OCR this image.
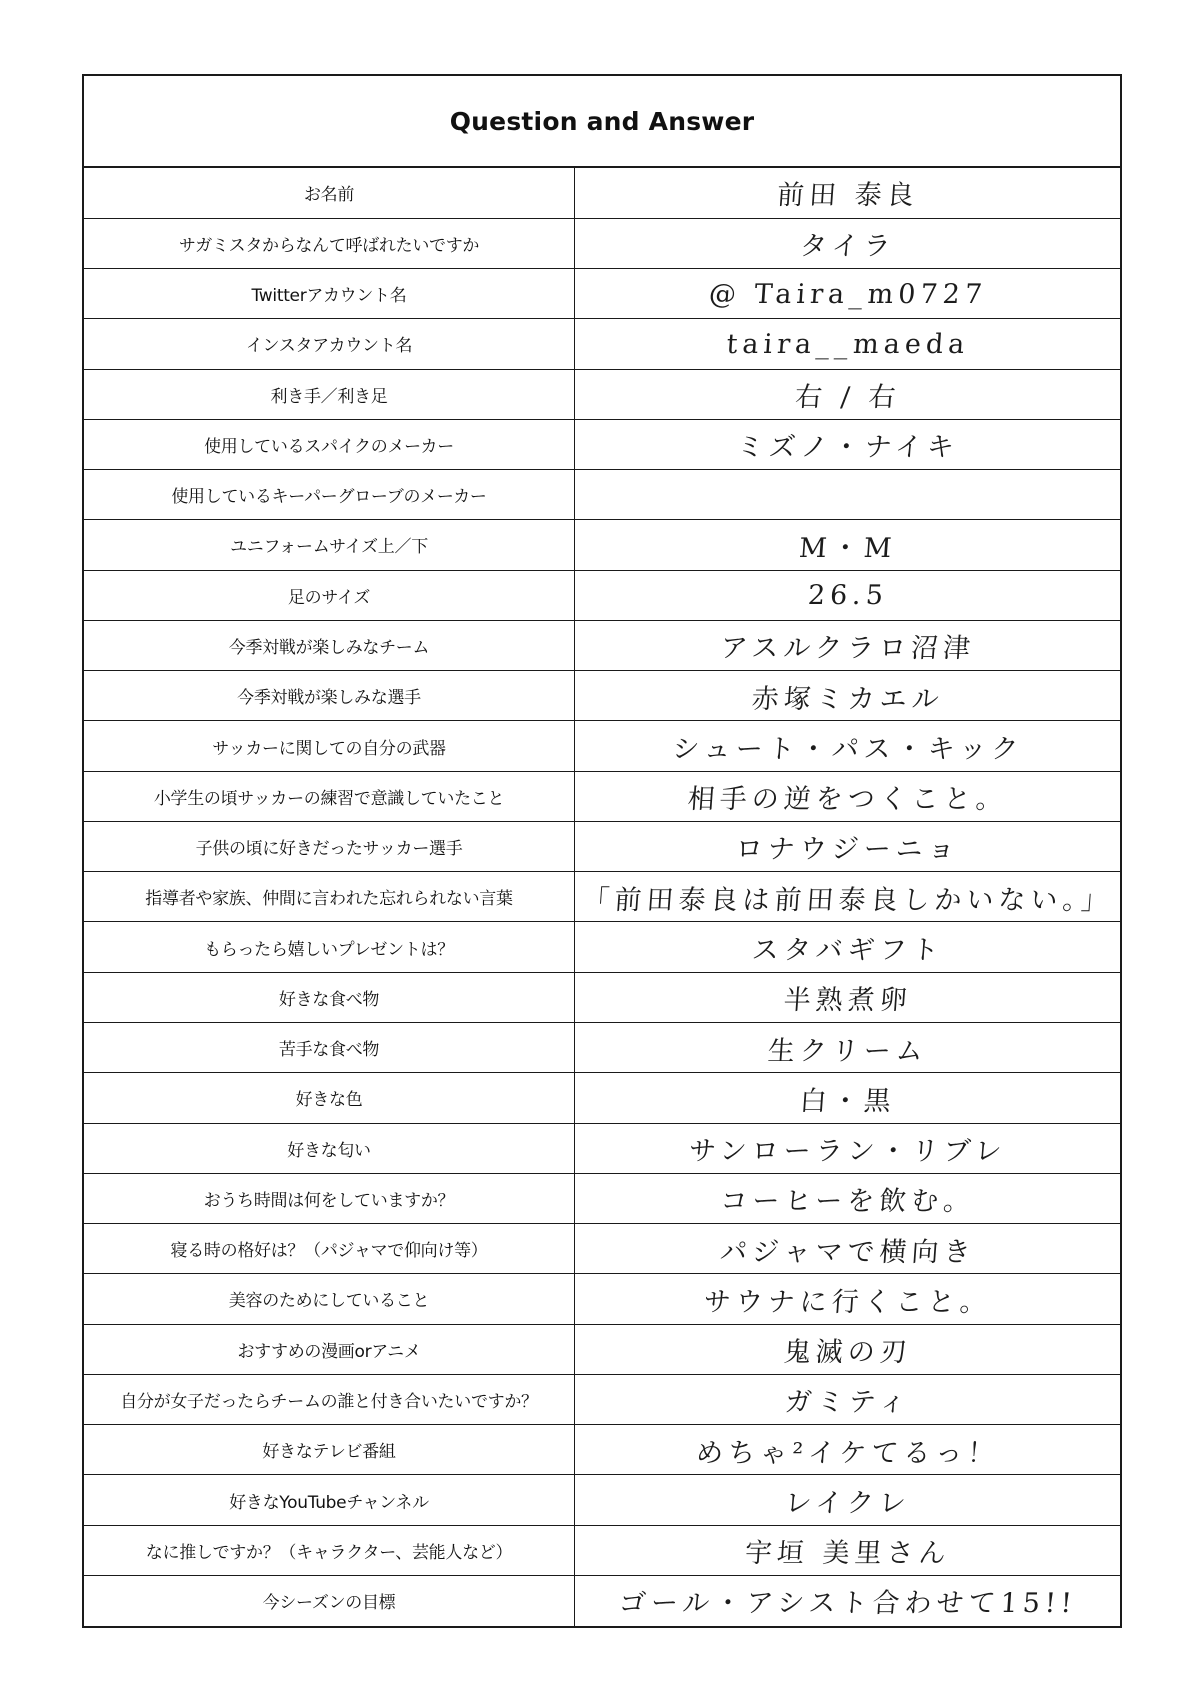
Question and Answer
お名前	前田 泰良
サガミスタからなんて呼ばれたいですか	タイラ
Twitterアカウント名	@ Taira_m0727
インスタアカウント名	taira__maeda
利き手／利き足	右 / 右
使用しているスパイクのメーカー	ミズノ・ナイキ
使用しているキーパーグローブのメーカー	
ユニフォームサイズ上／下	M・M
足のサイズ	26.5
今季対戦が楽しみなチーム	アスルクラロ沼津
今季対戦が楽しみな選手	赤塚ミカエル
サッカーに関しての自分の武器	シュート・パス・キック
小学生の頃サッカーの練習で意識していたこと	相手の逆をつくこと。
子供の頃に好きだったサッカー選手	ロナウジーニョ
指導者や家族、仲間に言われた忘れられない言葉	「前田泰良は前田泰良しかいない。」
もらったら嬉しいプレゼントは？	スタバギフト
好きな食べ物	半熟煮卵
苦手な食べ物	生クリーム
好きな色	白・黒
好きな匂い	サンローラン・リブレ
おうち時間は何をしていますか？	コーヒーを飲む。
寝る時の格好は？（パジャマで仰向け等）	パジャマで横向き
美容のためにしていること	サウナに行くこと。
おすすめの漫画orアニメ	鬼滅の刃
自分が女子だったらチームの誰と付き合いたいですか？	ガミティ
好きなテレビ番組	めちゃ²イケてるっ！
好きなYouTubeチャンネル	レイクレ
なに推しですか？（キャラクター、芸能人など）	宇垣 美里さん
今シーズンの目標	ゴール・アシスト合わせて15!!
